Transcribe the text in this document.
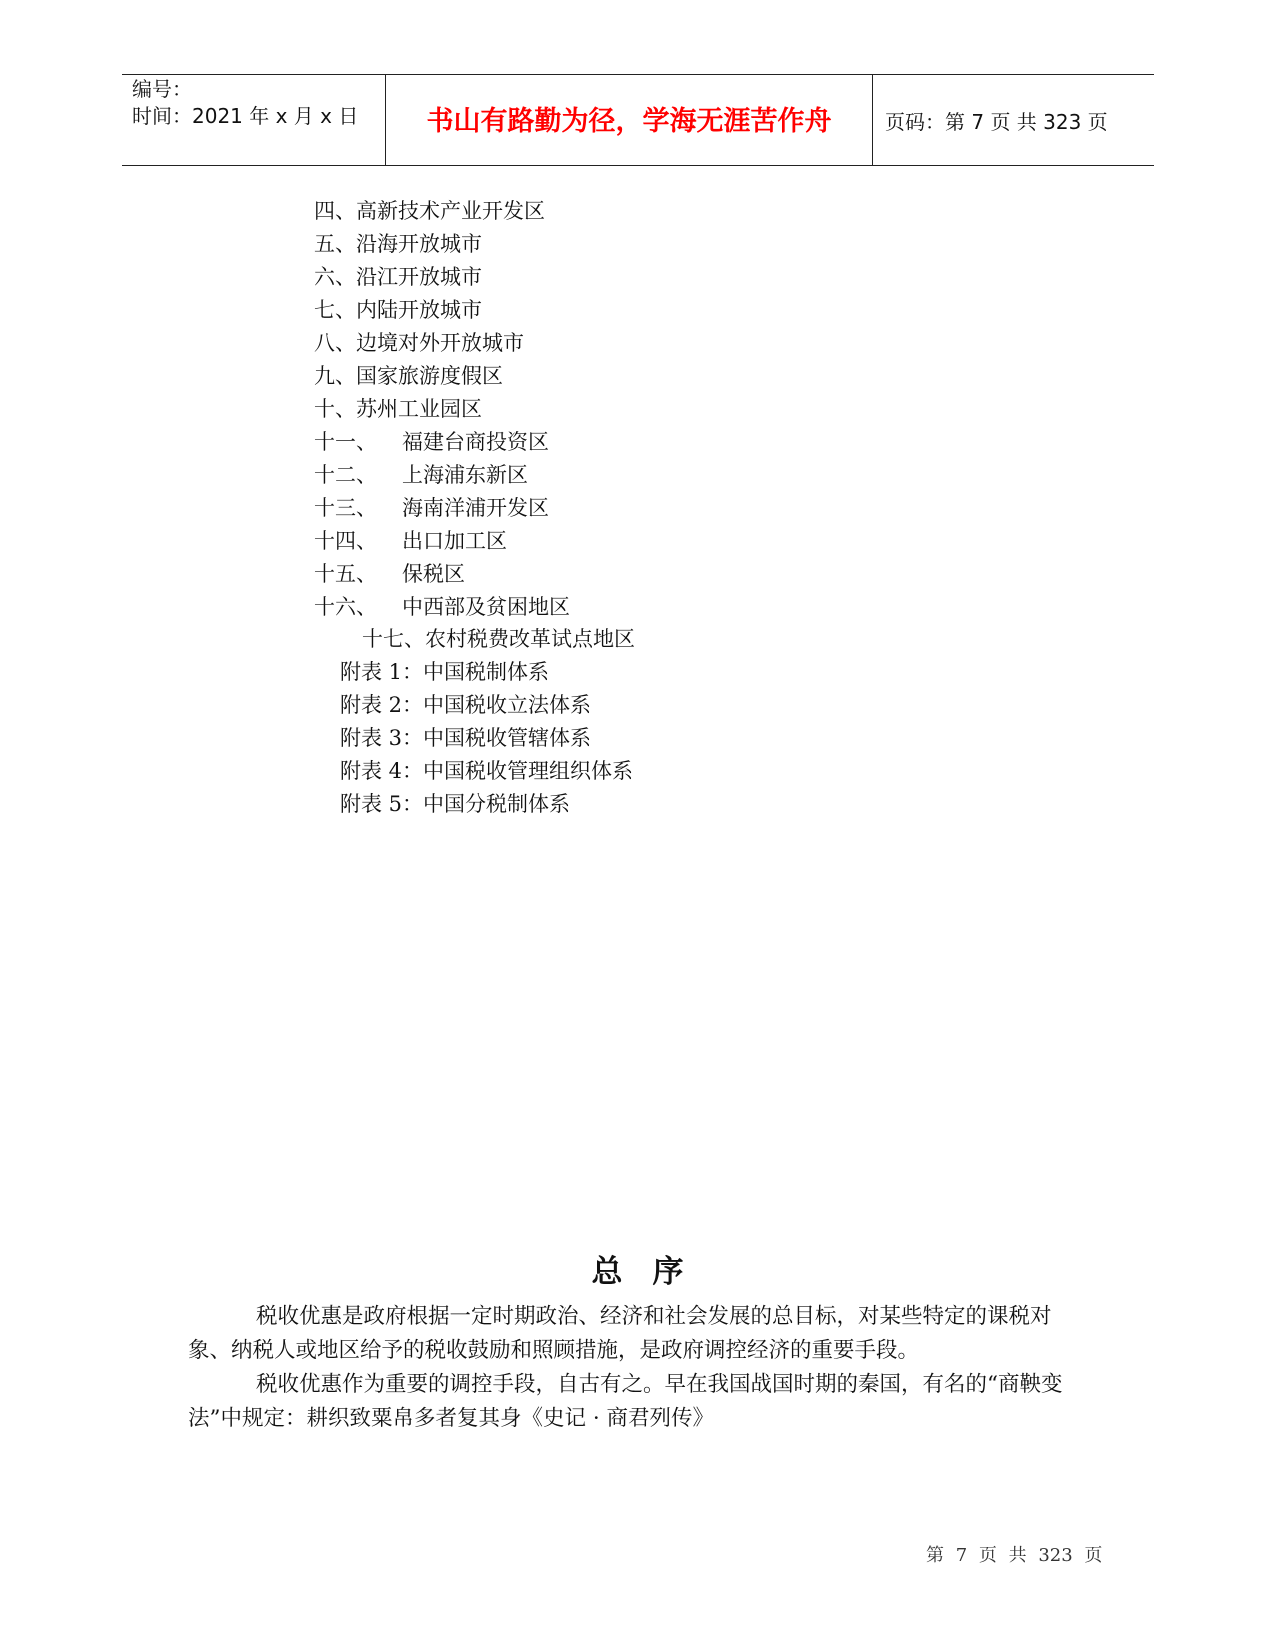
编号：
时间：2021 年 x 月 x 日	书山有路勤为径，学海无涯苦作舟	页码：第 7 页 共 323 页
四、高新技术产业开发区
五、沿海开放城市
六、沿江开放城市
七、内陆开放城市
八、边境对外开放城市
九、国家旅游度假区
十、苏州工业园区
十一、 福建台商投资区
十二、 上海浦东新区
十三、 海南洋浦开发区
十四、 出口加工区
十五、 保税区
十六、 中西部及贫困地区
十七、农村税费改革试点地区
附表 1：中国税制体系
附表 2：中国税收立法体系
附表 3：中国税收管辖体系
附表 4：中国税收管理组织体系
附表 5：中国分税制体系
总序
税收优惠是政府根据一定时期政治、经济和社会发展的总目标，对某些特定的课税对象、纳税人或地区给予的税收鼓励和照顾措施，是政府调控经济的重要手段。
税收优惠作为重要的调控手段，自古有之。早在我国战国时期的秦国，有名的“商鞅变法”中规定：耕织致粟帛多者复其身《史记 · 商君列传》
第 7 页 共 323 页
